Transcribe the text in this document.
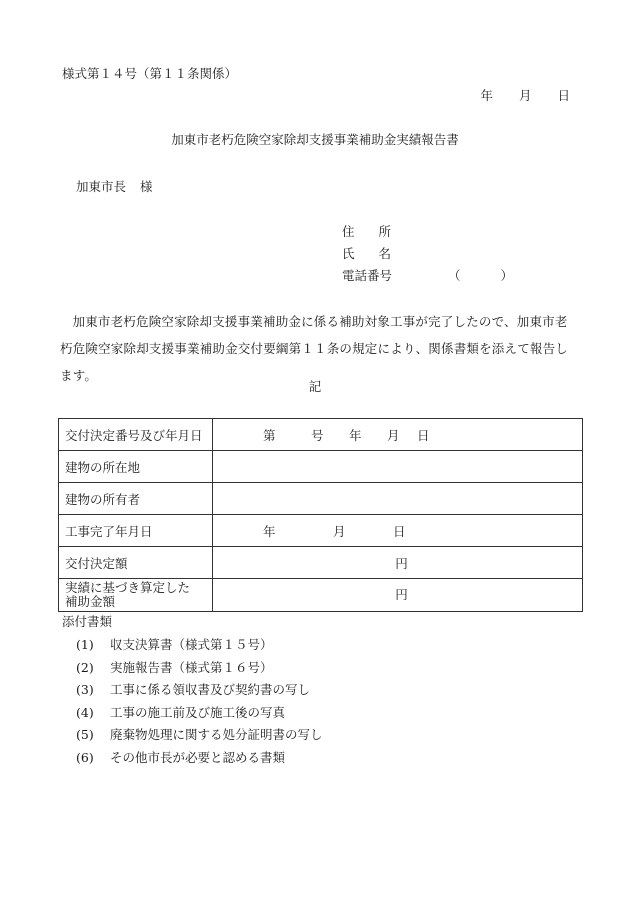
様式第１４号（第１１条関係）
年 月 日
加東市老朽危険空家除却支援事業補助金実績報告書
加東市長 様
住所
氏名
電話番号	（	）
加東市老朽危険空家除却支援事業補助金に係る補助対象工事が完了したので、加東市老朽危険空家除却支援事業補助金交付要綱第１１条の規定により、関係書類を添えて報告します。
記
交付決定番号及び年月日	第 号 年 月 日
建物の所在地	
建物の所有者	
工事完了年月日	年 月 日
交付決定額	円
実績に基づき算定した
補助金額	円
添付書類
(1) 収支決算書（様式第１５号）
(2) 実施報告書（様式第１６号）
(3) 工事に係る領収書及び契約書の写し
(4) 工事の施工前及び施工後の写真
(5) 廃棄物処理に関する処分証明書の写し
(6) その他市長が必要と認める書類
